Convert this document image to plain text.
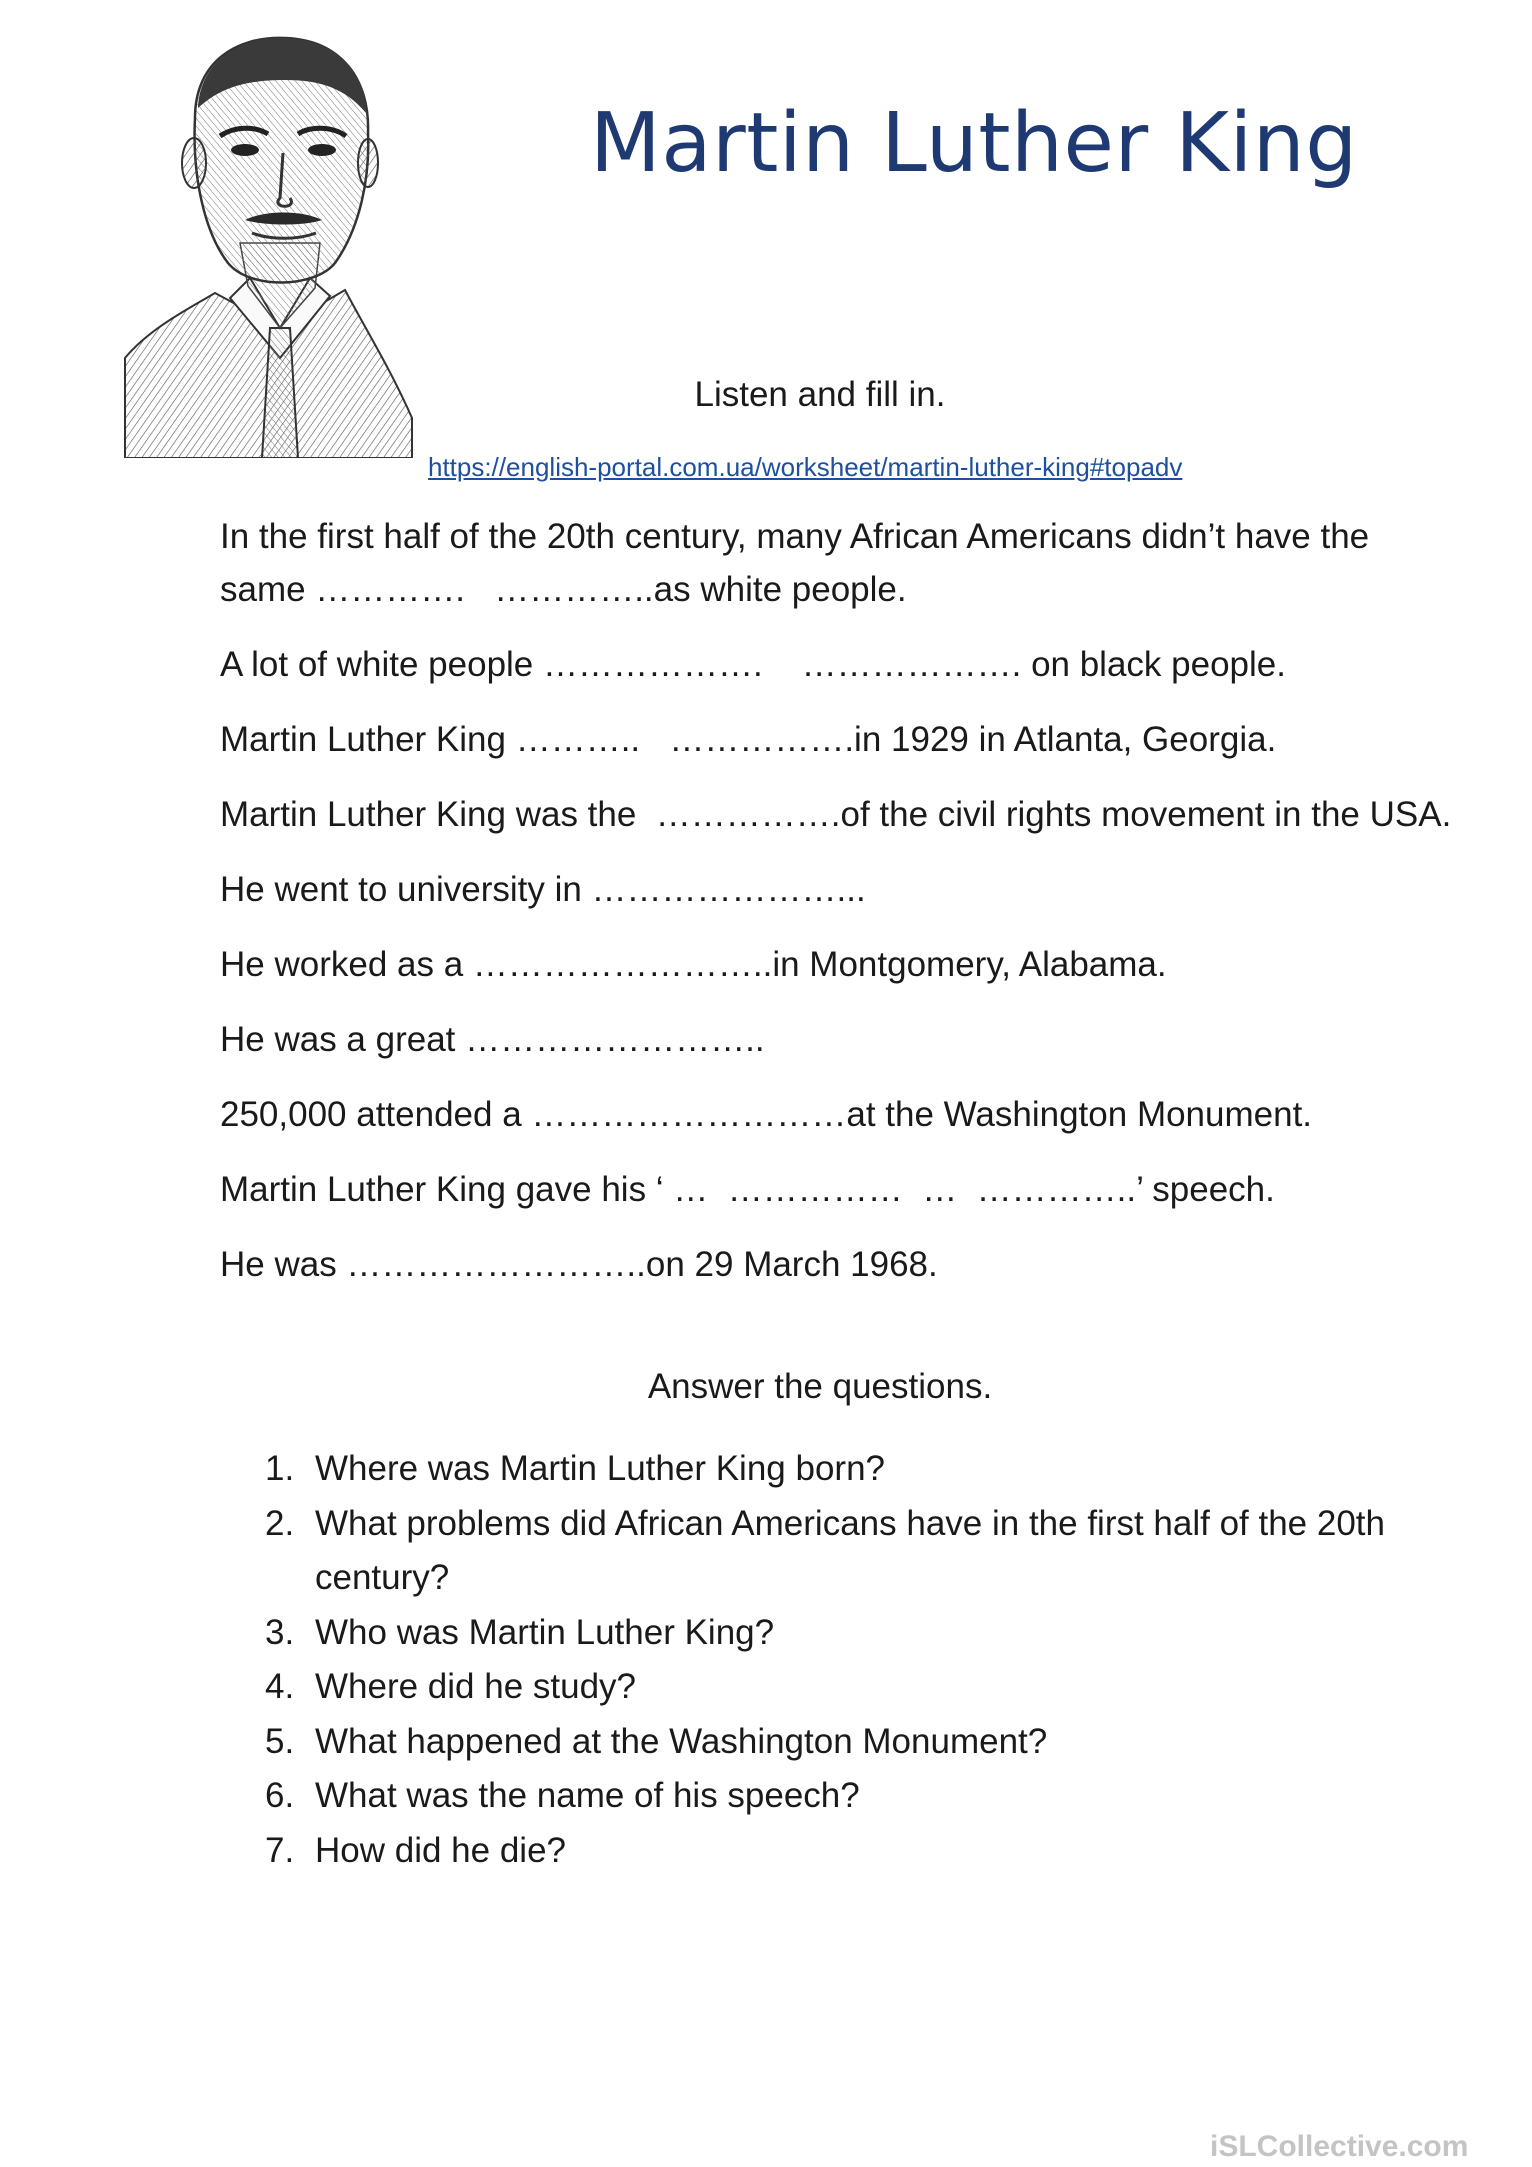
Martin Luther King
Listen and fill in.
https://english-portal.com.ua/worksheet/martin-luther-king#topadv

In the first half of the 20th century, many African Americans didn’t have the same ………….   …………..as white people.

A lot of white people ……………….    ………………. on black people.

Martin Luther King ………..   …………….in 1929 in Atlanta, Georgia.

Martin Luther King was the  …………….of the civil rights movement in the USA.

He went to university in …………………...

He worked as a ……………………..in Montgomery, Alabama.

He was a great ……………………..

250,000 attended a ………………………at the Washington Monument.

Martin Luther King gave his ‘ …  ……………  …  …………..’ speech.

He was ……………………..on 29 March 1968.

Answer the questions.
1. Where was Martin Luther King born?
2. What problems did African Americans have in the first half of the 20th century?
3. Who was Martin Luther King?
4. Where did he study?
5. What happened at the Washington Monument?
6. What was the name of his speech?
7. How did he die?
iSLCollective.com
